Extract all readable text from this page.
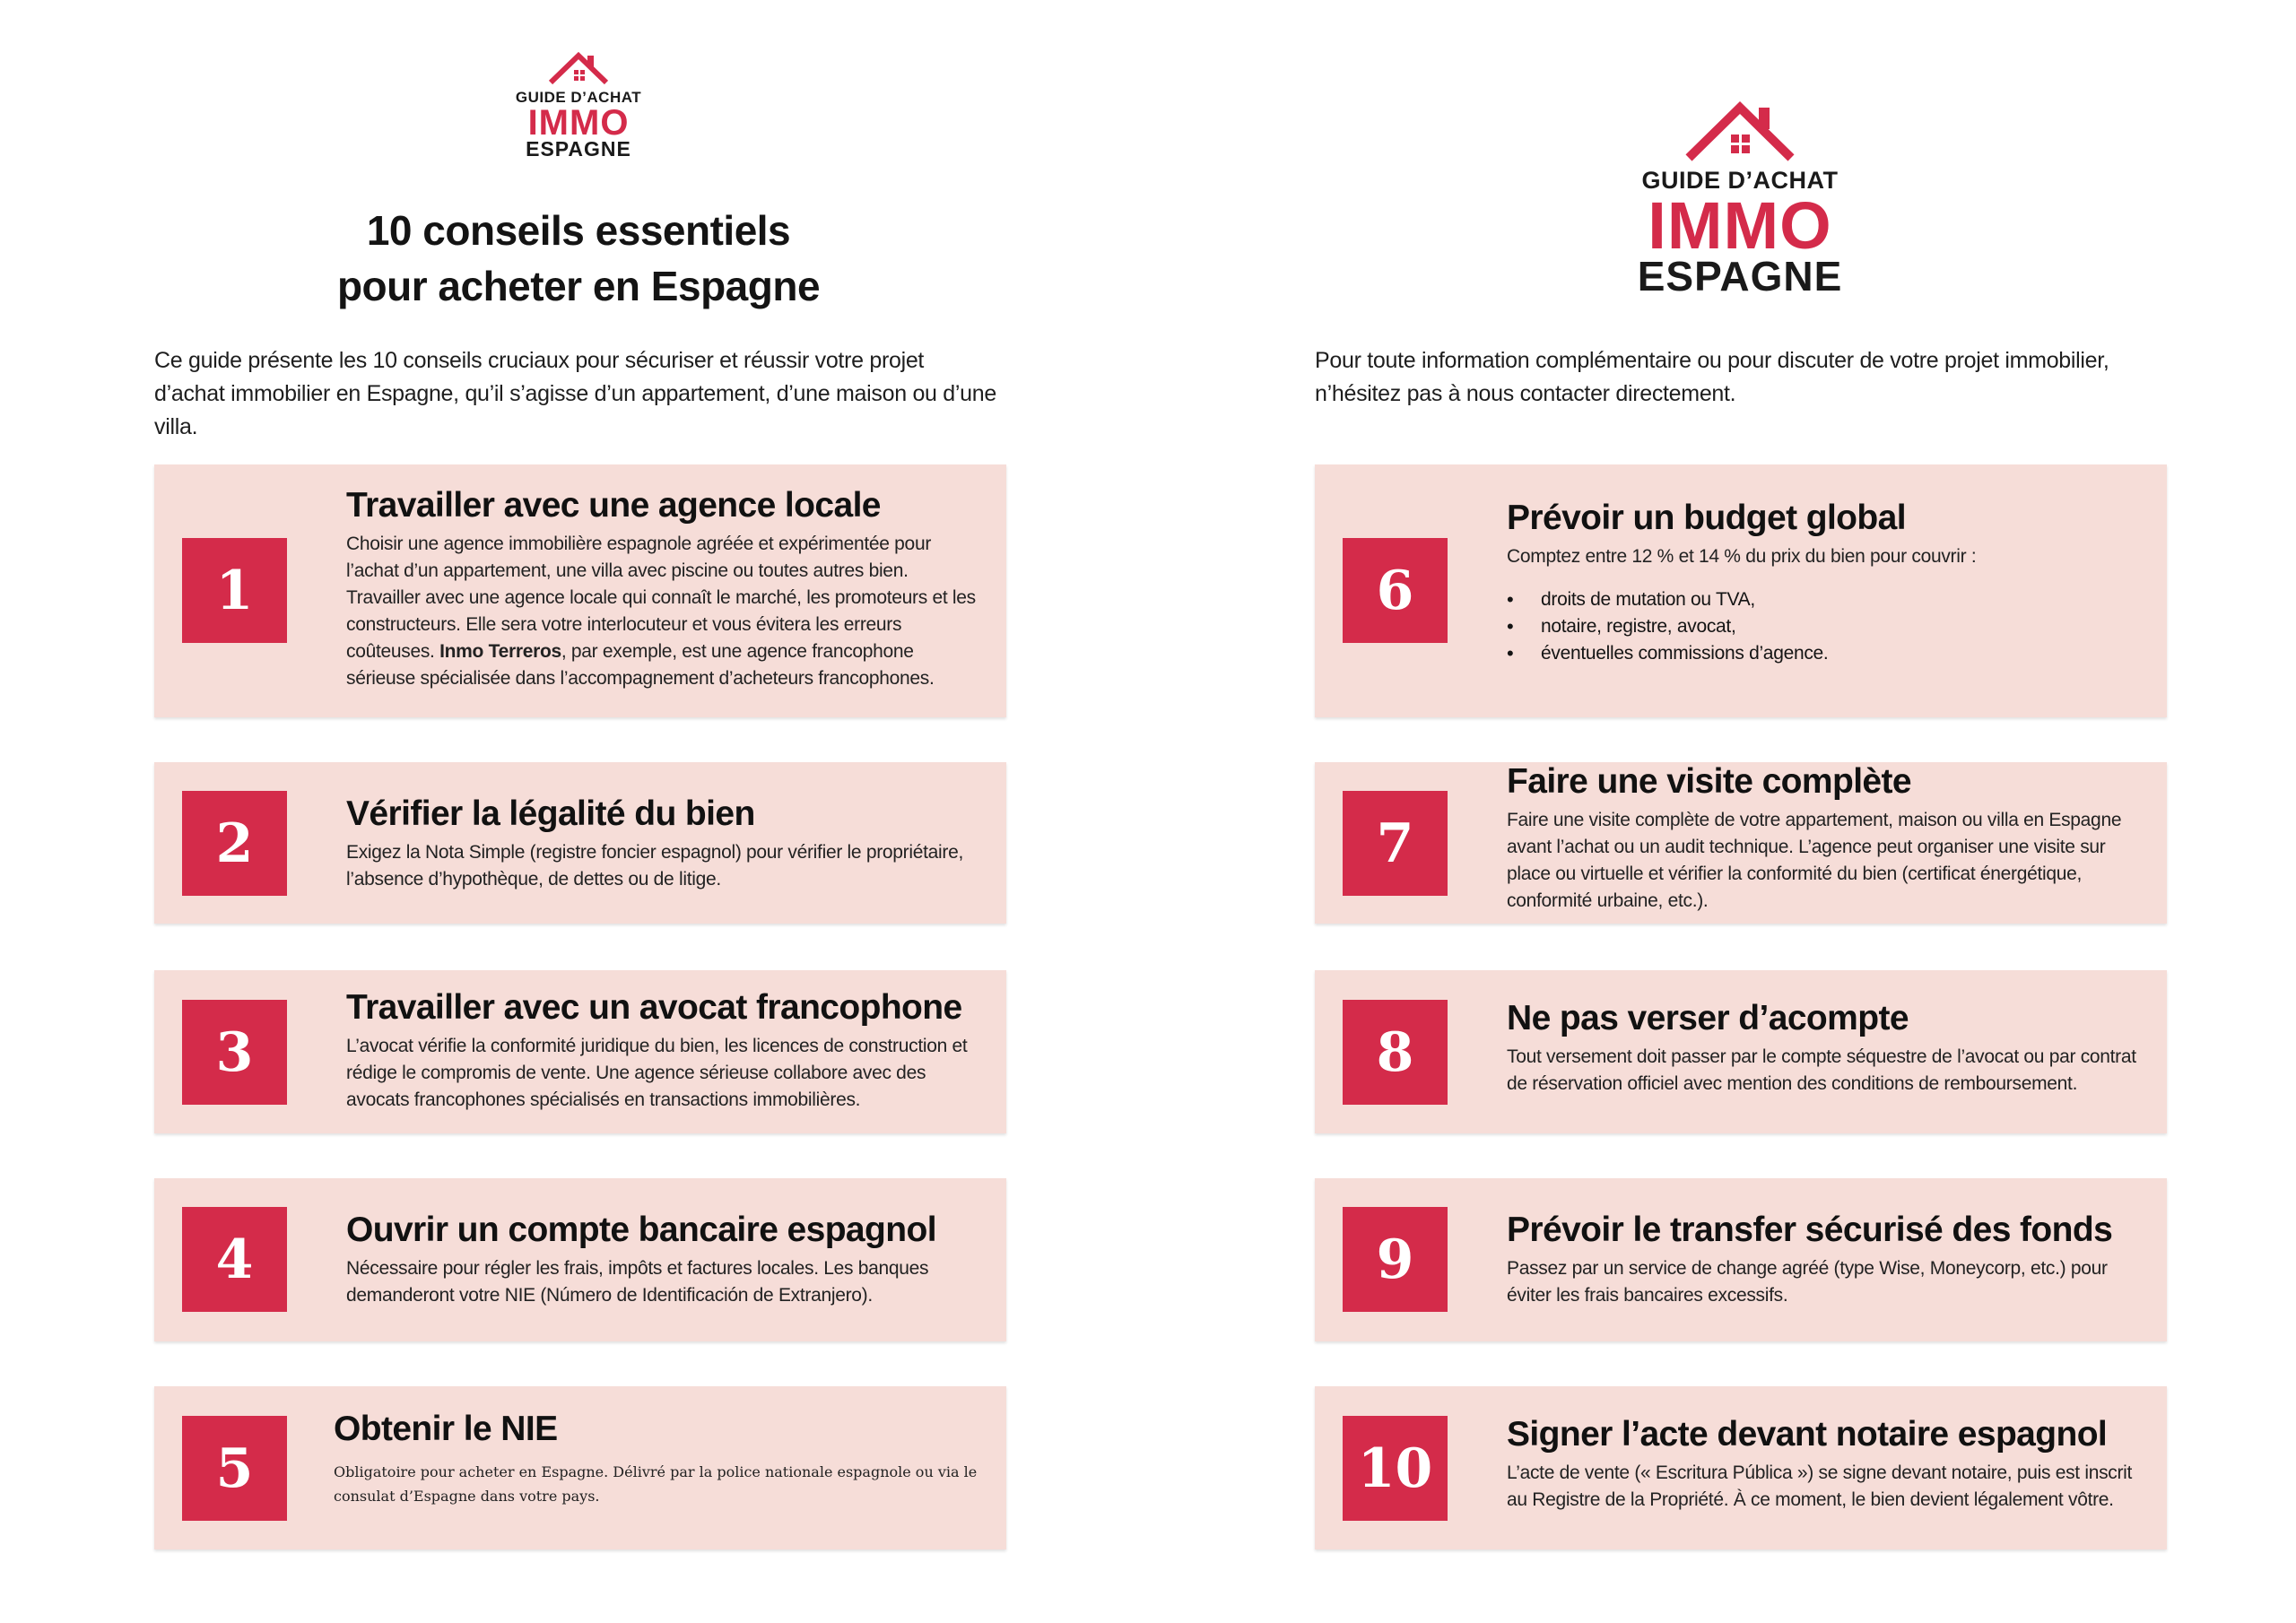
GUIDE D’ACHAT
IMMO
ESPAGNE
GUIDE D’ACHAT
IMMO
ESPAGNE
10 conseils essentiels
pour acheter en Espagne
Ce guide présente les 10 conseils cruciaux pour sécuriser et réussir votre projet d’achat immobilier en Espagne, qu’il s’agisse d’un appartement, d’une maison ou d’une villa.
Pour toute information complémentaire ou pour discuter de votre projet immobilier, n’hésitez pas à nous contacter directement.
1
Travailler avec une agence locale
Choisir une agence immobilière espagnole agréée et expérimentée pour l’achat d’un appartement, une villa avec piscine ou toutes autres bien. Travailler avec une agence locale qui connaît le marché, les promoteurs et les constructeurs. Elle sera votre interlocuteur et vous évitera les erreurs coûteuses. Inmo Terreros, par exemple, est une agence francophone sérieuse spécialisée dans l’accompagnement d’acheteurs francophones.
2	Vérifier la légalité du bien
Exigez la Nota Simple (registre foncier espagnol) pour vérifier le propriétaire, l’absence d’hypothèque, de dettes ou de litige.
3
Travailler avec un avocat francophone
L’avocat vérifie la conformité juridique du bien, les licences de construction et rédige le compromis de vente. Une agence sérieuse collabore avec des avocats francophones spécialisés en transactions immobilières.
4	Ouvrir un compte bancaire espagnol
Nécessaire pour régler les frais, impôts et factures locales. Les banques demanderont votre NIE (Número de Identificación de Extranjero).
5
Obtenir le NIE
Obligatoire pour acheter en Espagne. Délivré par la police nationale espagnole ou via le consulat d’Espagne dans votre pays.
6
Prévoir un budget global
Comptez entre 12 % et 14 % du prix du bien pour couvrir :
• droits de mutation ou TVA,
• notaire, registre, avocat,
• éventuelles commissions d’agence.
7
Faire une visite complète
Faire une visite complète de votre appartement, maison ou villa en Espagne avant l’achat ou un audit technique. L’agence peut organiser une visite sur place ou virtuelle et vérifier la conformité du bien (certificat énergétique, conformité urbaine, etc.).
8
Ne pas verser d’acompte
Tout versement doit passer par le compte séquestre de l’avocat ou par contrat de réservation officiel avec mention des conditions de remboursement.
9	Prévoir le transfer sécurisé des fonds
Passez par un service de change agréé (type Wise, Moneycorp, etc.) pour éviter les frais bancaires excessifs.
10
Signer l’acte devant notaire espagnol
L’acte de vente (« Escritura Pública ») se signe devant notaire, puis est inscrit au Registre de la Propriété. À ce moment, le bien devient légalement vôtre.
